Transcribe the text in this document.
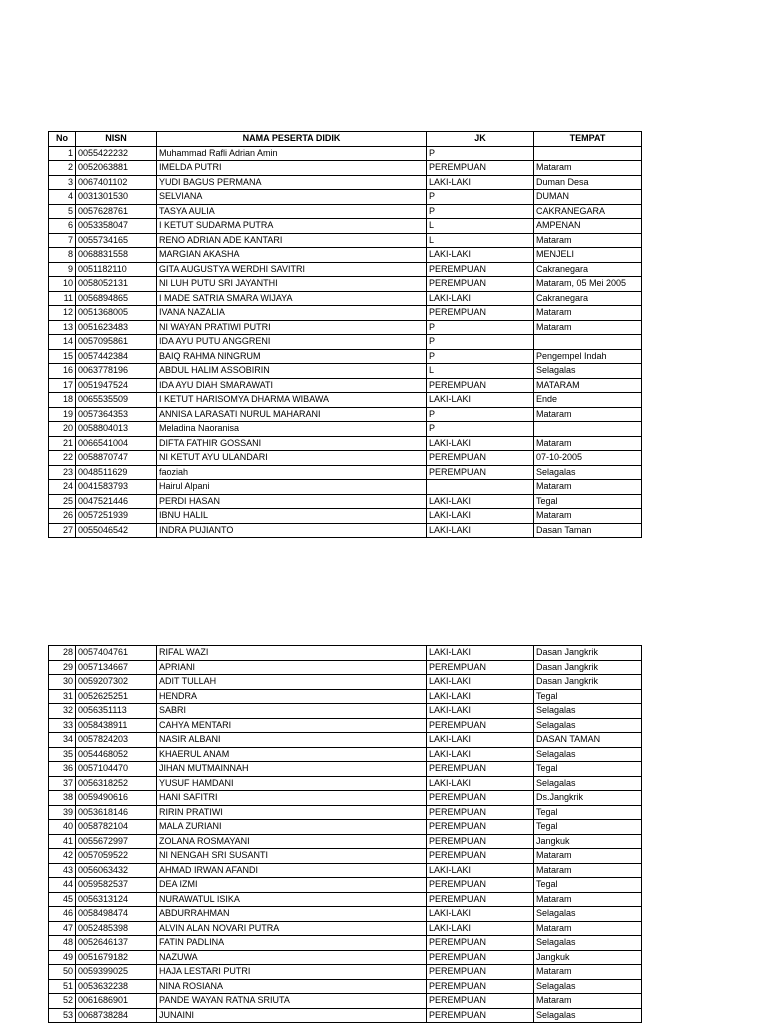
No	NISN	NAMA PESERTA DIDIK	JK	TEMPAT
1	0055422232	Muhammad Rafli Adrian Amin	P	
2	0052063881	IMELDA PUTRI	PEREMPUAN	Mataram
3	0067401102	YUDI BAGUS PERMANA	LAKI-LAKI	Duman Desa
4	0031301530	SELVIANA	P	DUMAN
5	0057628761	TASYA AULIA	P	CAKRANEGARA
6	0053358047	I KETUT SUDARMA PUTRA	L	AMPENAN
7	0055734165	RENO ADRIAN ADE KANTARI	L	Mataram
8	0068831558	MARGIAN AKASHA	LAKI-LAKI	MENJELI
9	0051182110	GITA AUGUSTYA WERDHI SAVITRI	PEREMPUAN	Cakranegara
10	0058052131	NI LUH PUTU SRI JAYANTHI	PEREMPUAN	Mataram, 05 Mei 2005
11	0056894865	I MADE SATRIA SMARA WIJAYA	LAKI-LAKI	Cakranegara
12	0051368005	IVANA NAZALIA	PEREMPUAN	Mataram
13	0051623483	NI WAYAN PRATIWI PUTRI	P	Mataram
14	0057095861	IDA AYU PUTU ANGGRENI	P	
15	0057442384	BAIQ RAHMA NINGRUM	P	Pengempel Indah
16	0063778196	ABDUL HALIM ASSOBIRIN	L	Selagalas
17	0051947524	IDA AYU DIAH SMARAWATI	PEREMPUAN	MATARAM
18	0065535509	I KETUT HARISOMYA DHARMA WIBAWA	LAKI-LAKI	Ende
19	0057364353	ANNISA LARASATI NURUL MAHARANI	P	Mataram
20	0058804013	Meladina Naoranisa	P	
21	0066541004	DIFTA FATHIR GOSSANI	LAKI-LAKI	Mataram
22	0058870747	NI KETUT AYU ULANDARI	PEREMPUAN	07-10-2005
23	0048511629	faoziah	PEREMPUAN	Selagalas
24	0041583793	Hairul Alpani		Mataram
25	0047521446	PERDI HASAN	LAKI-LAKI	Tegal
26	0057251939	IBNU HALIL	LAKI-LAKI	Mataram
27	0055046542	INDRA PUJIANTO	LAKI-LAKI	Dasan Taman
28	0057404761	RIFAL WAZI	LAKI-LAKI	Dasan Jangkrik
29	0057134667	APRIANI	PEREMPUAN	Dasan Jangkrik
30	0059207302	ADIT TULLAH	LAKI-LAKI	Dasan Jangkrik
31	0052625251	HENDRA	LAKI-LAKI	Tegal
32	0056351113	SABRI	LAKI-LAKI	Selagalas
33	0058438911	CAHYA MENTARI	PEREMPUAN	Selagalas
34	0057824203	NASIR ALBANI	LAKI-LAKI	DASAN TAMAN
35	0054468052	KHAERUL ANAM	LAKI-LAKI	Selagalas
36	0057104470	JIHAN MUTMAINNAH	PEREMPUAN	Tegal
37	0056318252	YUSUF HAMDANI	LAKI-LAKI	Selagalas
38	0059490616	HANI SAFITRI	PEREMPUAN	Ds.Jangkrik
39	0053618146	RIRIN PRATIWI	PEREMPUAN	Tegal
40	0058782104	MALA ZURIANI	PEREMPUAN	Tegal
41	0055672997	ZOLANA ROSMAYANI	PEREMPUAN	Jangkuk
42	0057059522	NI NENGAH SRI SUSANTI	PEREMPUAN	Mataram
43	0056063432	AHMAD IRWAN AFANDI	LAKI-LAKI	Mataram
44	0059582537	DEA IZMI	PEREMPUAN	Tegal
45	0056313124	NURAWATUL ISIKA	PEREMPUAN	Mataram
46	0058498474	ABDURRAHMAN	LAKI-LAKI	Selagalas
47	0052485398	ALVIN ALAN NOVARI PUTRA	LAKI-LAKI	Mataram
48	0052646137	FATIN PADLINA	PEREMPUAN	Selagalas
49	0051679182	NAZUWA	PEREMPUAN	Jangkuk
50	0059399025	HAJA LESTARI PUTRI	PEREMPUAN	Mataram
51	0053632238	NINA ROSIANA	PEREMPUAN	Selagalas
52	0061686901	PANDE WAYAN RATNA SRIUTA	PEREMPUAN	Mataram
53	0068738284	JUNAINI	PEREMPUAN	Selagalas
